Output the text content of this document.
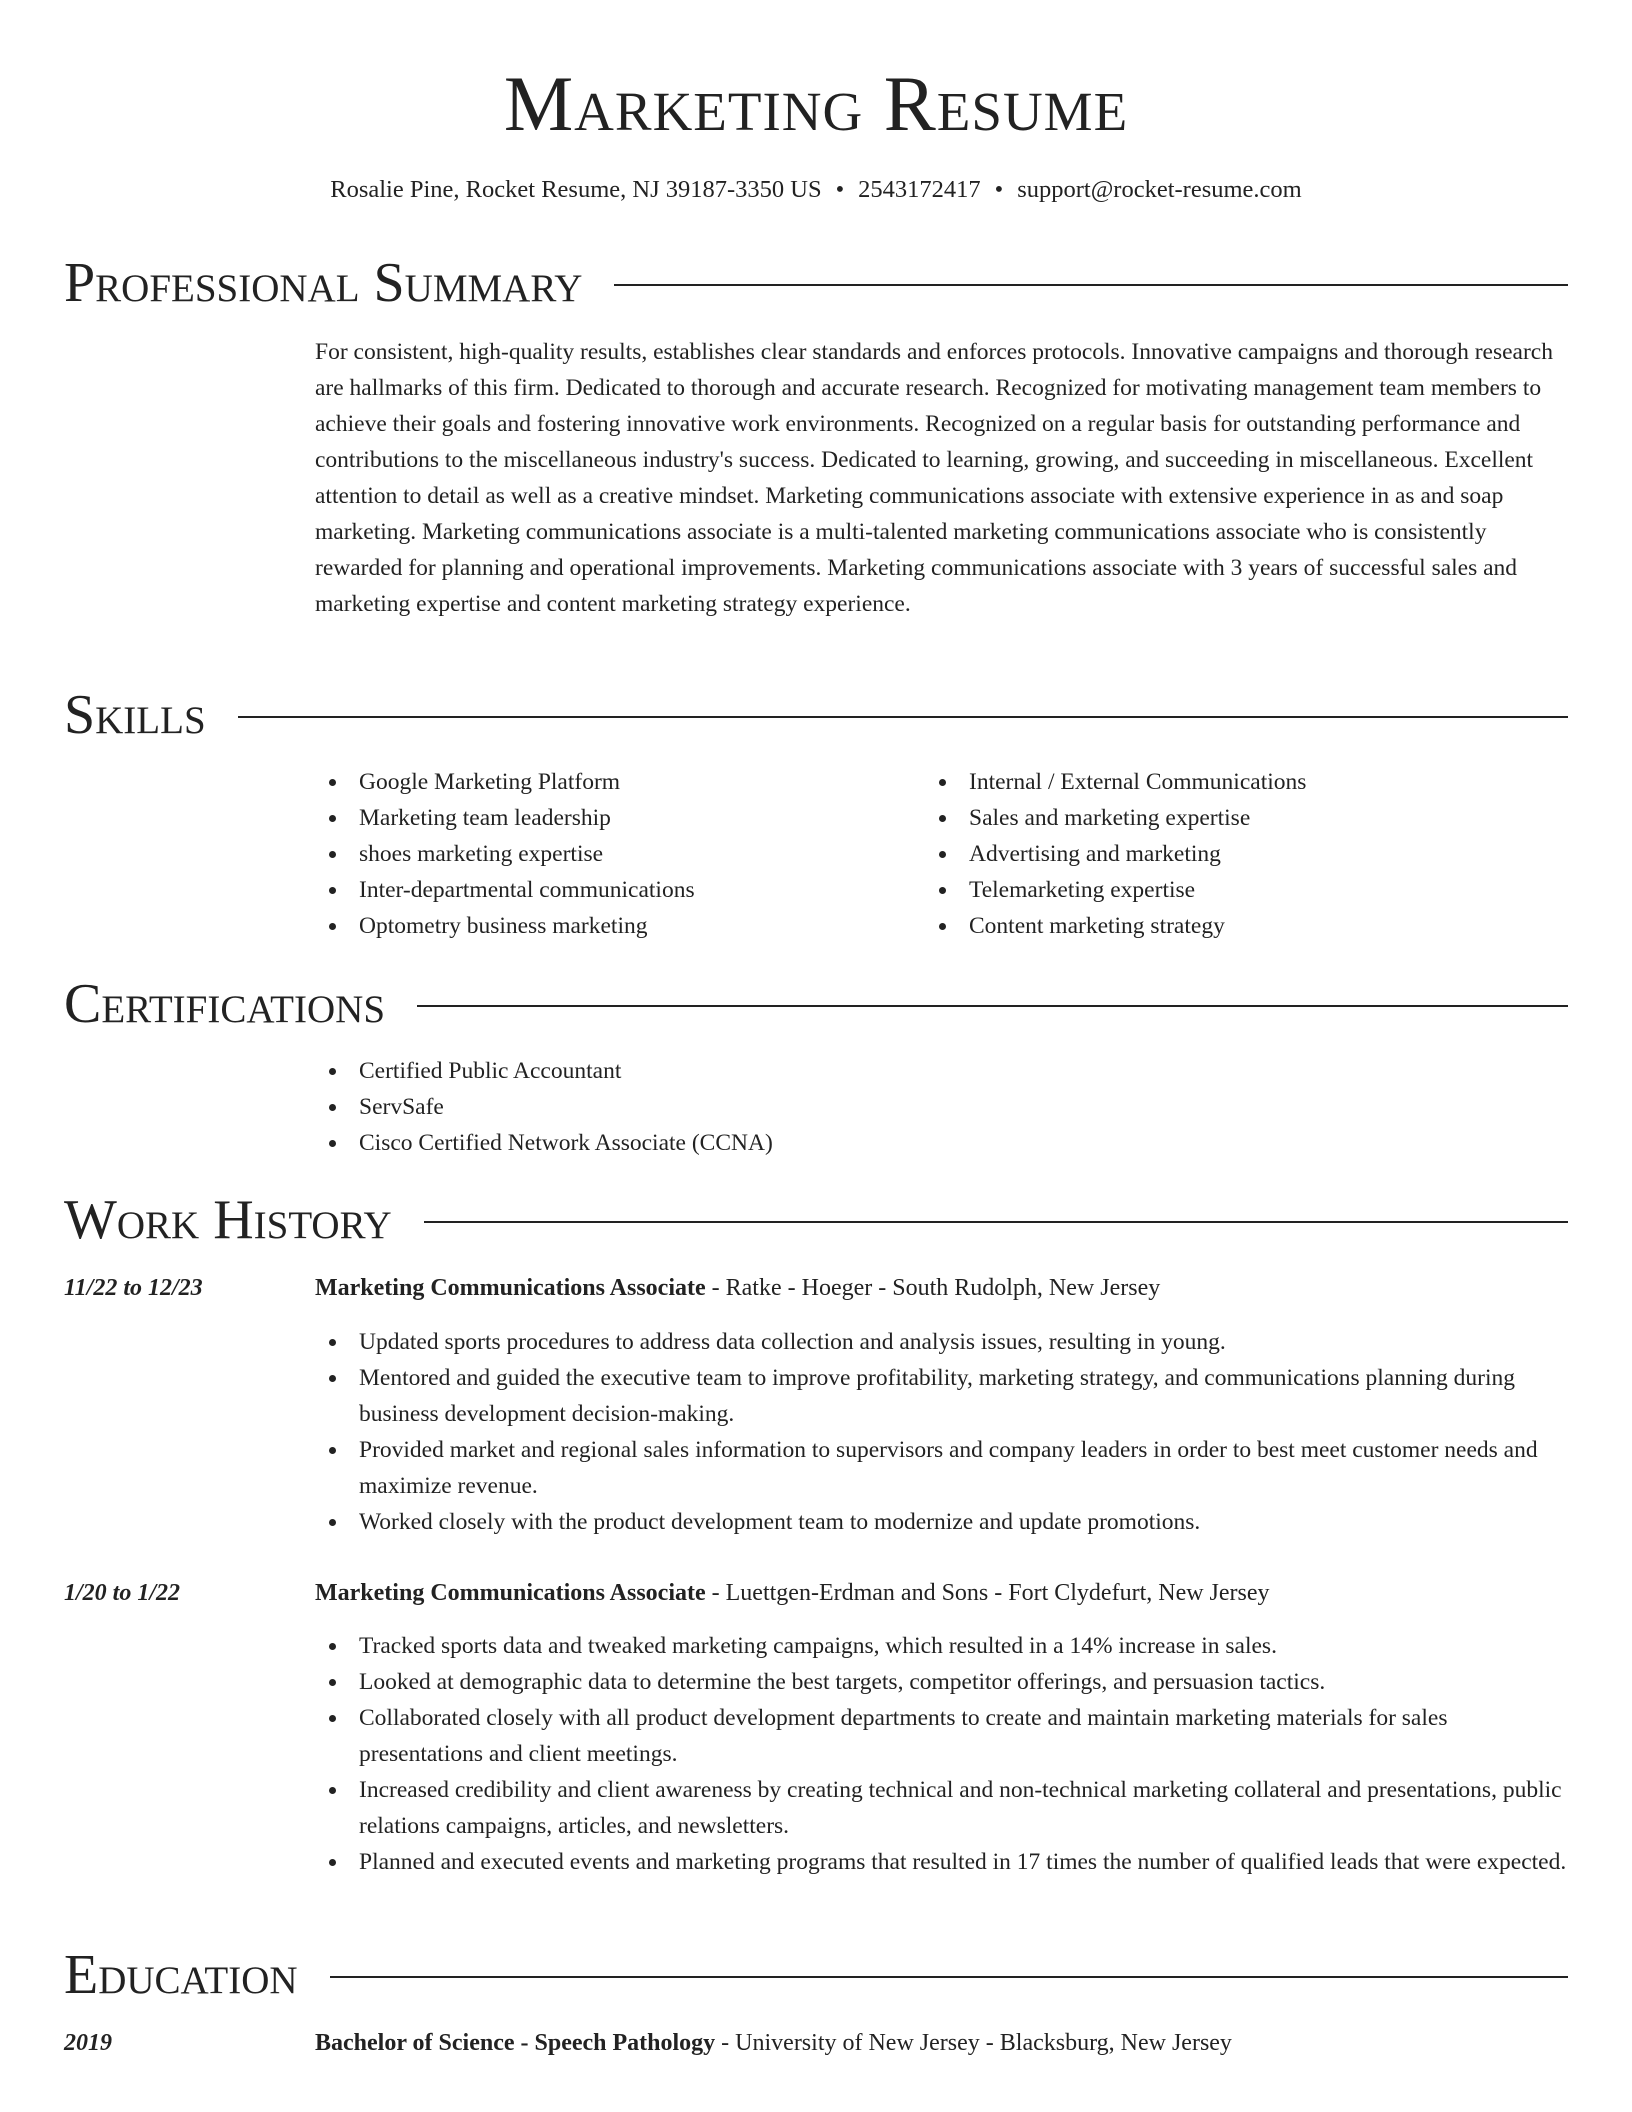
Marketing Resume
Rosalie Pine, Rocket Resume, NJ 39187-3350 US • 2543172417 • support@rocket-resume.com
Professional Summary
For consistent, high-quality results, establishes clear standards and enforces protocols. Innovative campaigns and thorough research are hallmarks of this firm. Dedicated to thorough and accurate research. Recognized for motivating management team members to achieve their goals and fostering innovative work environments. Recognized on a regular basis for outstanding performance and contributions to the miscellaneous industry's success. Dedicated to learning, growing, and succeeding in miscellaneous. Excellent attention to detail as well as a creative mindset. Marketing communications associate with extensive experience in as and soap marketing. Marketing communications associate is a multi-talented marketing communications associate who is consistently rewarded for planning and operational improvements. Marketing communications associate with 3 years of successful sales and marketing expertise and content marketing strategy experience.
Skills
Google Marketing Platform
Marketing team leadership
shoes marketing expertise
Inter-departmental communications
Optometry business marketing
Internal / External Communications
Sales and marketing expertise
Advertising and marketing
Telemarketing expertise
Content marketing strategy
Certifications
Certified Public Accountant
ServSafe
Cisco Certified Network Associate (CCNA)
Work History
11/22 to 12/23	Marketing Communications Associate - Ratke - Hoeger - South Rudolph, New Jersey
Updated sports procedures to address data collection and analysis issues, resulting in young.
Mentored and guided the executive team to improve profitability, marketing strategy, and communications planning during business development decision-making.
Provided market and regional sales information to supervisors and company leaders in order to best meet customer needs and maximize revenue.
Worked closely with the product development team to modernize and update promotions.
1/20 to 1/22	Marketing Communications Associate - Luettgen-Erdman and Sons - Fort Clydefurt, New Jersey
Tracked sports data and tweaked marketing campaigns, which resulted in a 14% increase in sales.
Looked at demographic data to determine the best targets, competitor offerings, and persuasion tactics.
Collaborated closely with all product development departments to create and maintain marketing materials for sales presentations and client meetings.
Increased credibility and client awareness by creating technical and non-technical marketing collateral and presentations, public relations campaigns, articles, and newsletters.
Planned and executed events and marketing programs that resulted in 17 times the number of qualified leads that were expected.
Education
2019	Bachelor of Science - Speech Pathology - University of New Jersey - Blacksburg, New Jersey
